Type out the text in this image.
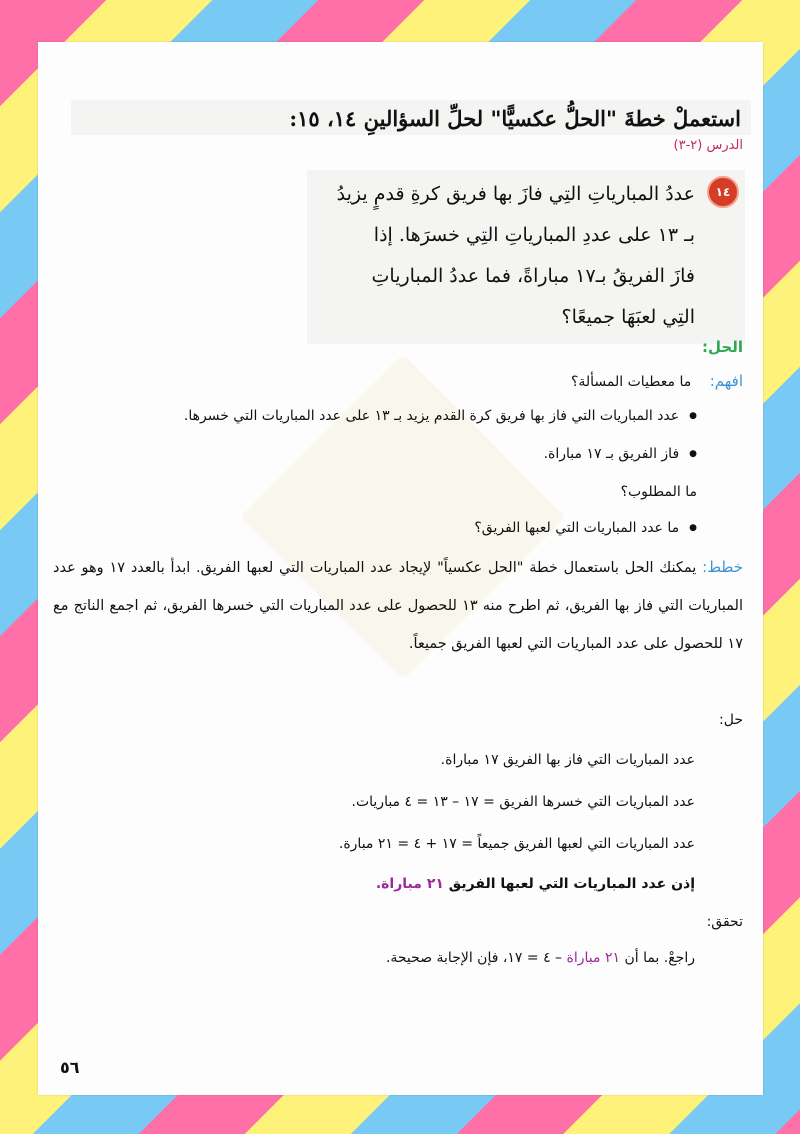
استعملْ خطةَ "الحلُّ عكسيًّا" لحلِّ السؤالينِ ١٤، ١٥:
الدرس (٢-٣)
١٤
عددُ المبارياتِ التِي فازَ بها فريق كرةِ قدمٍ يزيدُ
بـ ١٣ على عددِ المبارياتِ التِي خسرَها. إذا
فازَ الفريقُ بـ١٧ مباراةً، فما عددُ المبارياتِ
التِي لعبَهَا جميعًا؟
الحل:
افهم: ما معطيات المسألة؟
● عدد المباريات التي فاز بها فريق كرة القدم يزيد بـ ١٣ على عدد المباريات التي خسرها.
● فاز الفريق بـ ١٧ مباراة.
ما المطلوب؟
● ما عدد المباريات التي لعبها الفريق؟
خطط: يمكنك الحل باستعمال خطة "الحل عكسياً" لإيجاد عدد المباريات التي لعبها الفريق. ابدأ بالعدد ١٧ وهو عدد المباريات التي فاز بها الفريق، ثم اطرح منه ١٣ للحصول على عدد المباريات التي خسرها الفريق، ثم اجمع الناتج مع ١٧ للحصول على عدد المباريات التي لعبها الفريق جميعاً.
حل:
عدد المباريات التي فاز بها الفريق ١٧ مباراة.
عدد المباريات التي خسرها الفريق = ١٧ – ١٣ = ٤ مباريات.
عدد المباريات التي لعبها الفريق جميعاً = ١٧ + ٤ = ٢١ مبارة.
إذن عدد المباريات التي لعبها الفريق ٢١ مباراة.
تحقق:
راجعْ. بما أن ٢١ مباراة – ٤ = ١٧، فإن الإجابة صحيحة.
٥٦
